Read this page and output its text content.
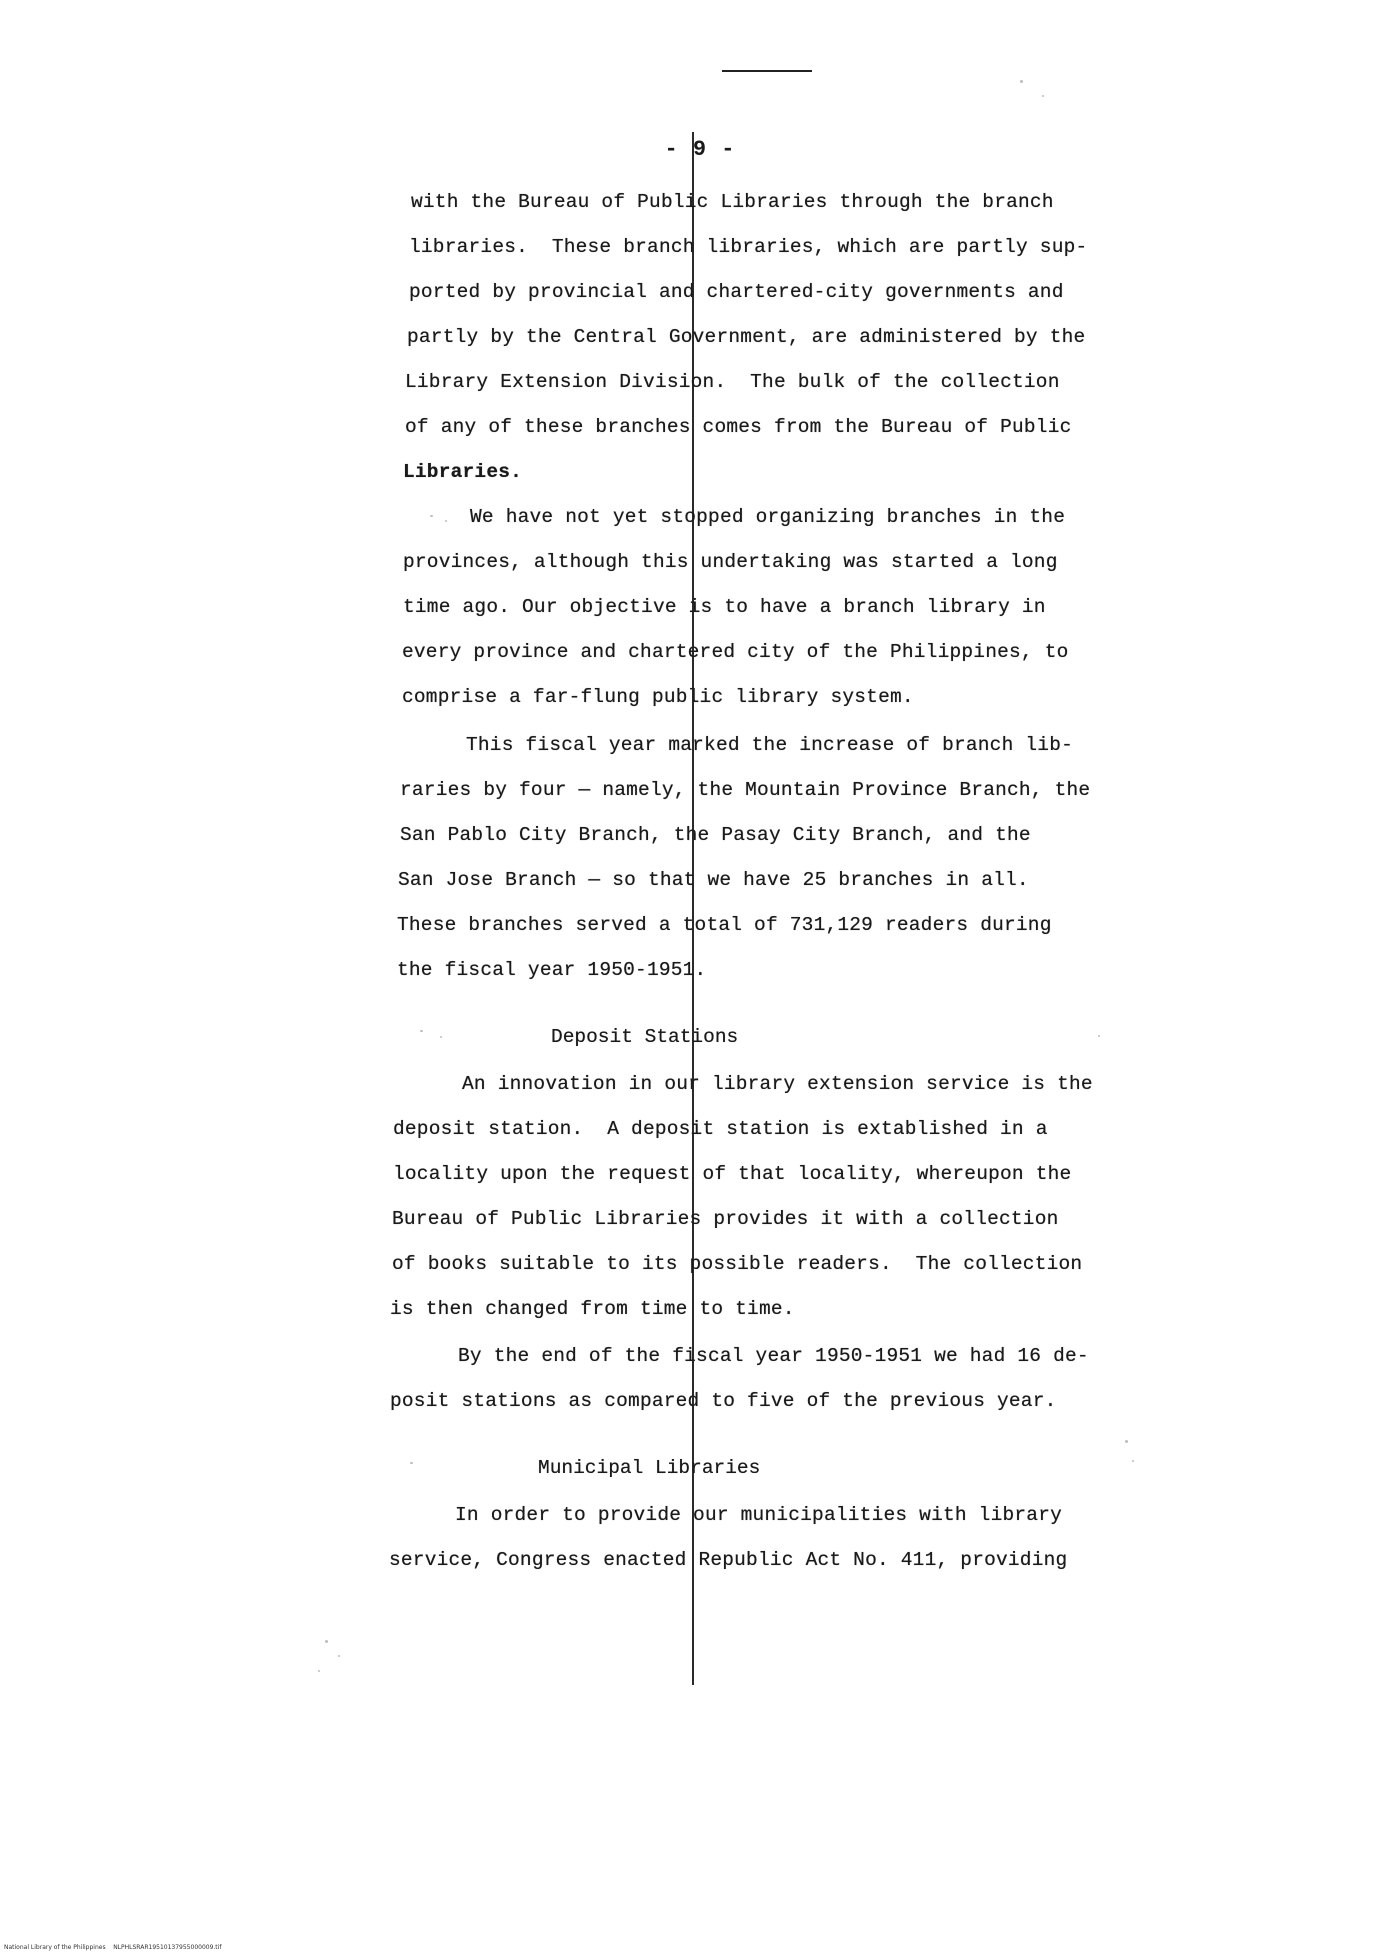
- 9 -
with the Bureau of Public Libraries through the branch
libraries.  These branch libraries, which are partly sup-
ported by provincial and chartered-city governments and
partly by the Central Government, are administered by the
Library Extension Division.  The bulk of the collection
of any of these branches comes from the Bureau of Public
Libraries.
We have not yet stopped organizing branches in the
provinces, although this undertaking was started a long
time ago. Our objective is to have a branch library in
every province and chartered city of the Philippines, to
comprise a far-flung public library system.
This fiscal year marked the increase of branch lib-
raries by four — namely, the Mountain Province Branch, the
San Pablo City Branch, the Pasay City Branch, and the
San Jose Branch — so that we have 25 branches in all.
These branches served a total of 731,129 readers during
the fiscal year 1950-1951.
Deposit Stations
An innovation in our library extension service is the
deposit station.  A deposit station is extablished in a
locality upon the request of that locality, whereupon the
Bureau of Public Libraries provides it with a collection
of books suitable to its possible readers.  The collection
is then changed from time to time.
By the end of the fiscal year 1950-1951 we had 16 de-
posit stations as compared to five of the previous year.
Municipal Libraries
In order to provide our municipalities with library
service, Congress enacted Republic Act No. 411, providing
National Library of the Philippines    NLPHLSRAR19510137955000009.tif
